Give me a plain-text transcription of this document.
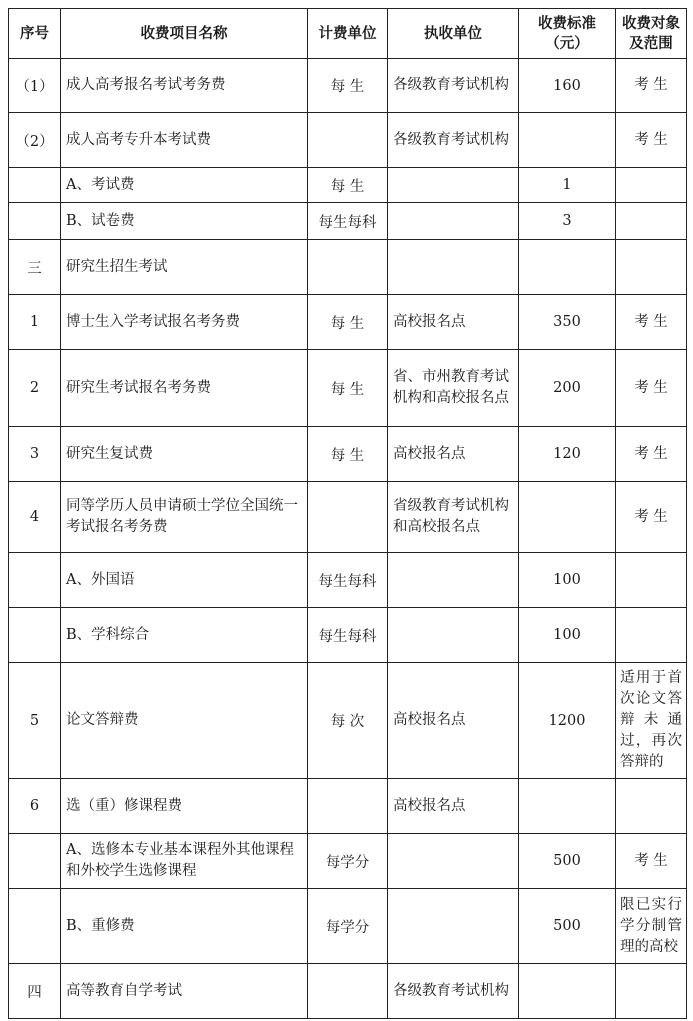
序号	收费项目名称	计费单位	执收单位	收费标准（元）	收费对象及范围
（1）	成人高考报名考试考务费	每 生	各级教育考试机构	160	考 生
（2）	成人高考专升本考试费		各级教育考试机构		考 生
	A、考试费	每 生		1	
	B、试卷费	每生每科		3	
三	研究生招生考试				
1	博士生入学考试报名考务费	每 生	高校报名点	350	考 生
2	研究生考试报名考务费	每 生	省、市州教育考试机构和高校报名点	200	考 生
3	研究生复试费	每 生	高校报名点	120	考 生
4	同等学历人员申请硕士学位全国统一考试报名考务费		省级教育考试机构和高校报名点		考 生
	A、外国语	每生每科		100	
	B、学科综合	每生每科		100	
5	论文答辩费	每 次	高校报名点	1200	适用于首次论文答辩未通过，再次答辩的
6	选（重）修课程费		高校报名点		
	A、选修本专业基本课程外其他课程和外校学生选修课程	每学分		500	考 生
	B、重修费	每学分		500	限已实行学分制管理的高校
四	高等教育自学考试		各级教育考试机构		
